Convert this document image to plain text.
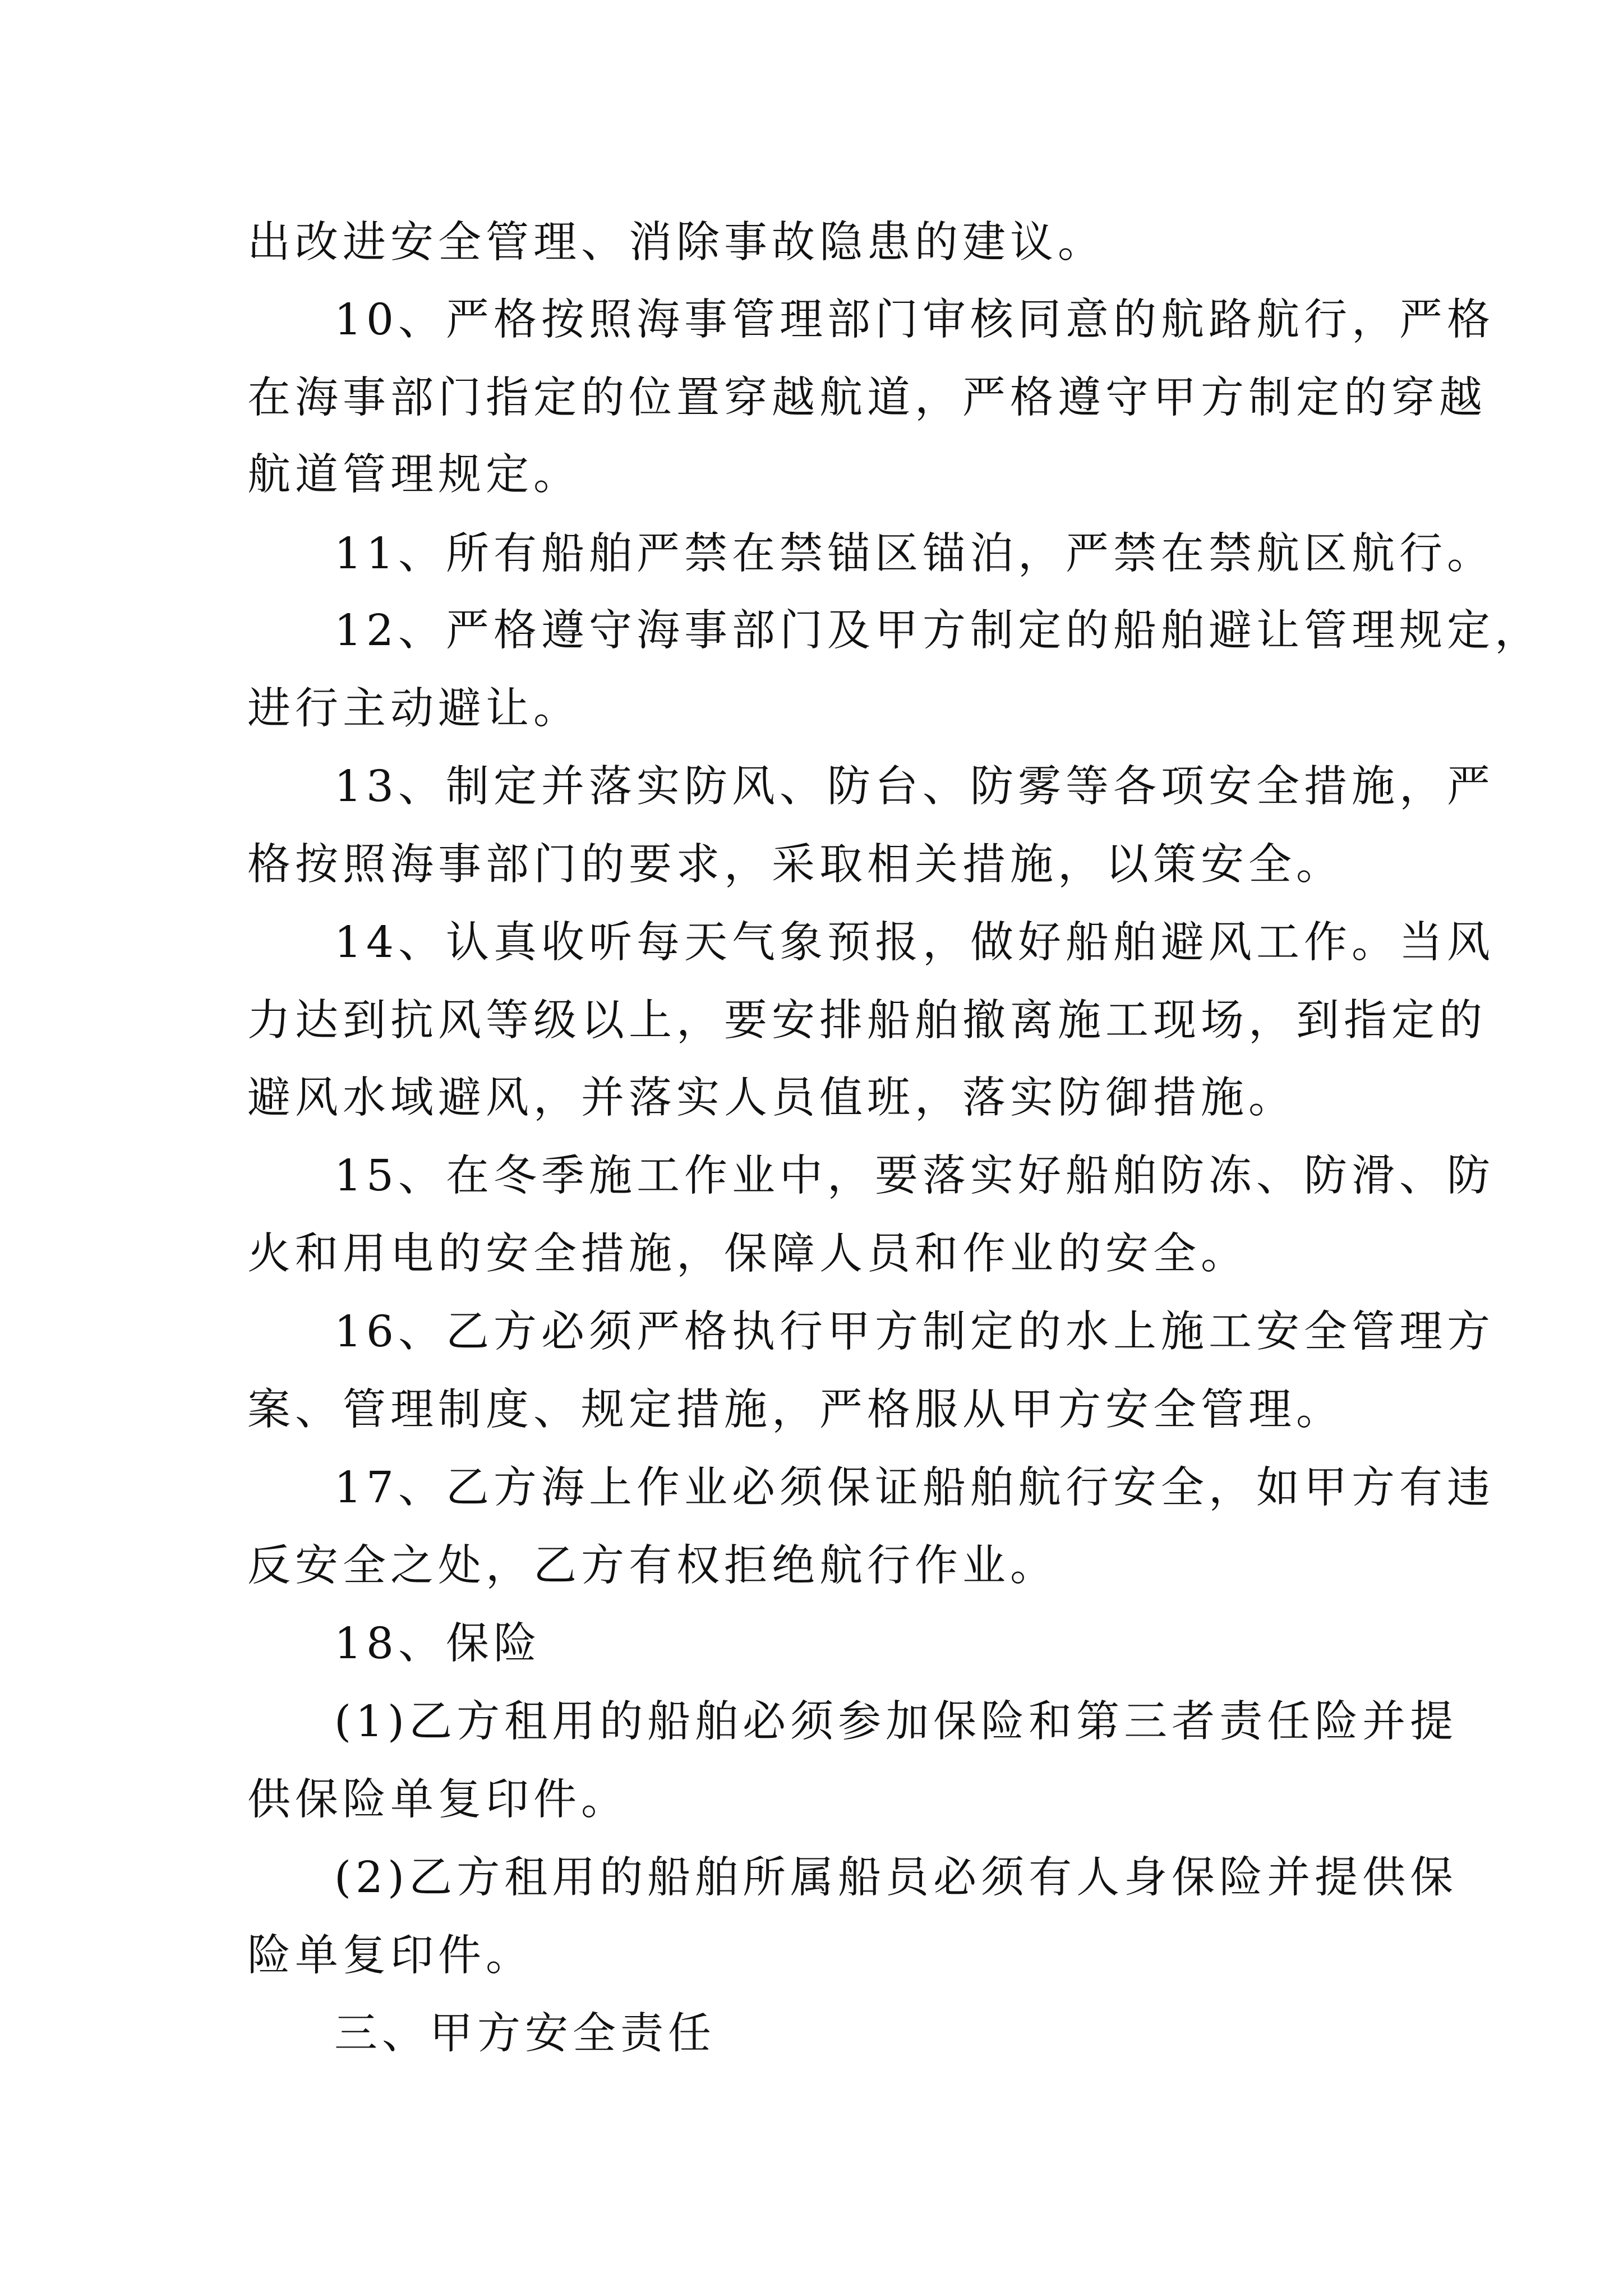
出改进安全管理、消除事故隐患的建议。
10、严格按照海事管理部门审核同意的航路航行，严格
在海事部门指定的位置穿越航道，严格遵守甲方制定的穿越
航道管理规定。
11、所有船舶严禁在禁锚区锚泊，严禁在禁航区航行。
12、严格遵守海事部门及甲方制定的船舶避让管理规定，
进行主动避让。
13、制定并落实防风、防台、防雾等各项安全措施，严
格按照海事部门的要求，采取相关措施，以策安全。
14、认真收听每天气象预报，做好船舶避风工作。当风
力达到抗风等级以上，要安排船舶撤离施工现场，到指定的
避风水域避风，并落实人员值班，落实防御措施。
15、在冬季施工作业中，要落实好船舶防冻、防滑、防
火和用电的安全措施，保障人员和作业的安全。
16、乙方必须严格执行甲方制定的水上施工安全管理方
案、管理制度、规定措施，严格服从甲方安全管理。
17、乙方海上作业必须保证船舶航行安全，如甲方有违
反安全之处，乙方有权拒绝航行作业。
18、保险
(1)乙方租用的船舶必须参加保险和第三者责任险并提
供保险单复印件。
(2)乙方租用的船舶所属船员必须有人身保险并提供保
险单复印件。
三、甲方安全责任
